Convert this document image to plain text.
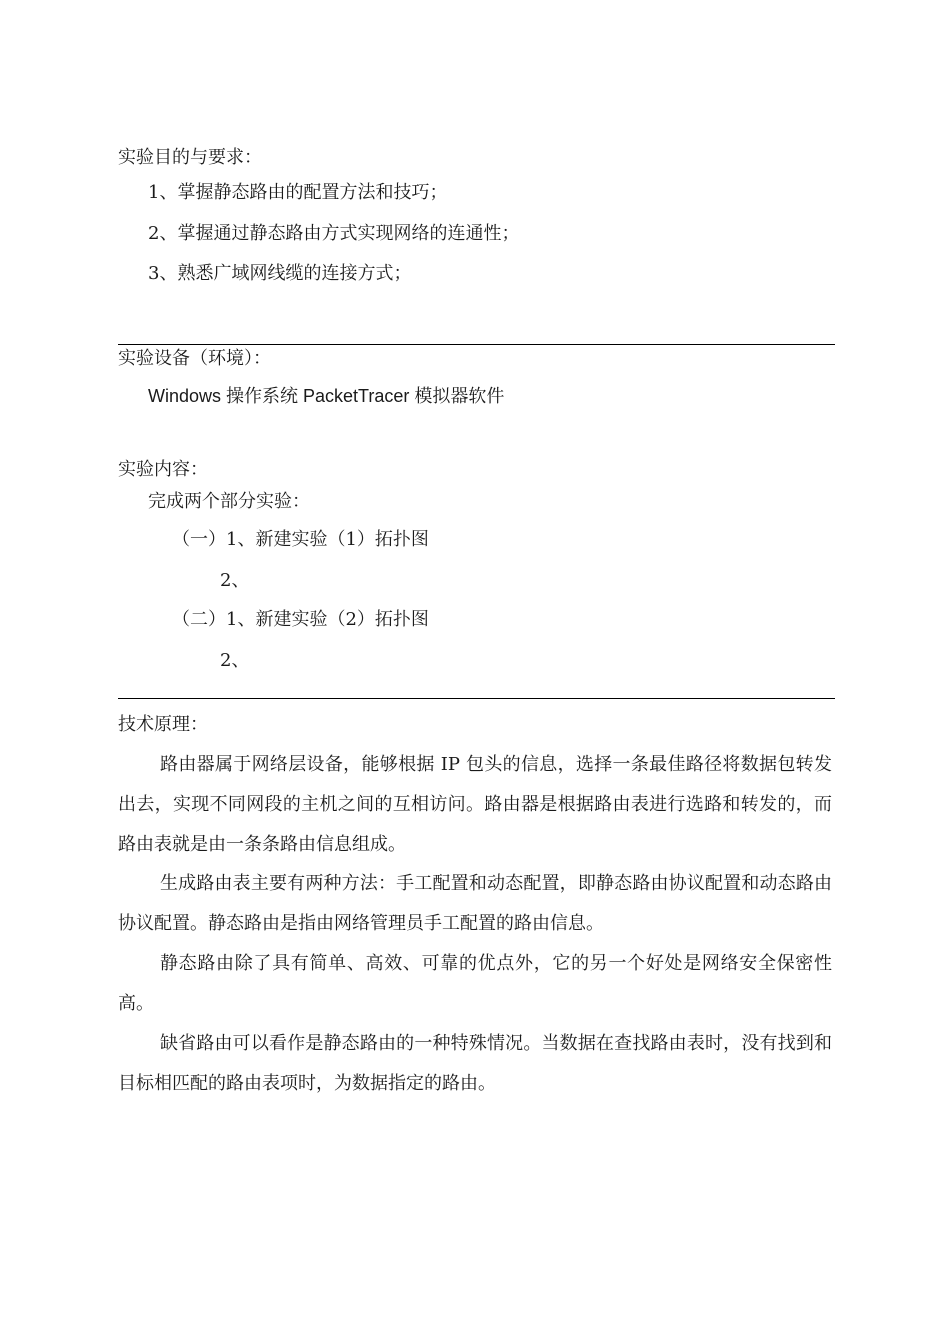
实验目的与要求：
1、掌握静态路由的配置方法和技巧；
2、掌握通过静态路由方式实现网络的连通性；
3、熟悉广域网线缆的连接方式；
实验设备（环境）：
Windows 操作系统 PacketTracer 模拟器软件
实验内容：
完成两个部分实验：
（一）1、新建实验（1）拓扑图
2、
（二）1、新建实验（2）拓扑图
2、
技术原理：
路由器属于网络层设备，能够根据 IP 包头的信息，选择一条最佳路径将数据包转发出去，实现不同网段的主机之间的互相访问。路由器是根据路由表进行选路和转发的，而路由表就是由一条条路由信息组成。
生成路由表主要有两种方法：手工配置和动态配置，即静态路由协议配置和动态路由协议配置。静态路由是指由网络管理员手工配置的路由信息。
静态路由除了具有简单、高效、可靠的优点外，它的另一个好处是网络安全保密性高。
缺省路由可以看作是静态路由的一种特殊情况。当数据在查找路由表时，没有找到和目标相匹配的路由表项时，为数据指定的路由。
